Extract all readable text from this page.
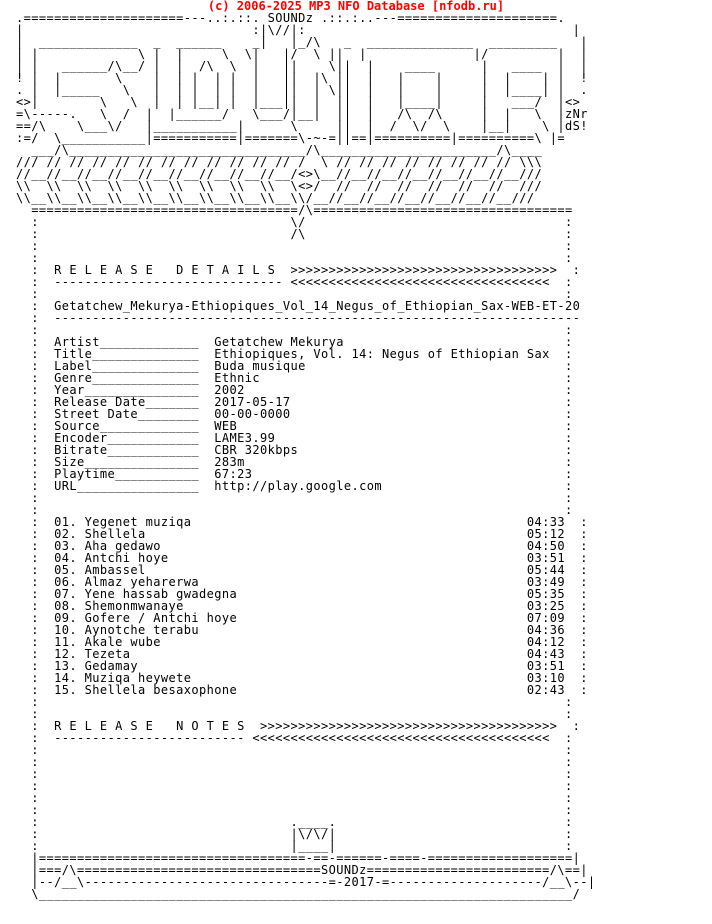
(c) 2006-2025 MP3 NFO Database [nfodb.ru]
.=====================---..:.::. SOUNDz .::.:..---=====================.
|                              :|\//|:                                   |
|  _____________  _  ______    _|   |_/\   _  ______________  _________   |
| |             \ |  |     \  \|   |/  \ ||  |              |/         |  |
| |   ______/\__/ |  |  /\  \  |   ||    \||  |    ____      |   ____  |  |
! |  |       \    |  | |  | |  |   ||  |\ ||  |   |    |     |  |    | |  !
. |  |_____   \   |  | |  | |  |   ||  | \||  |   |    |     |  |____| |  .
<>|        \   \  |  | |__| |  |___||  |  ||  |   |____|     |   ___/  |<>
=\-----.   \  /  |  |______/   \___/|__|  ||  |   /\  /\     |  |   \  |zNr
==/\    \___\/   |___________|      \     ||  |  /  \/  \    |__|    \ |dS!
:=/  \___________|===========|=======\-~-=||==|==========|==========\ |=
___/\_______________________________/\_______________________/\____
/// // // // // // // // // // // // /  \ // // // // // // // // \\\
//__//__//__//__//__//__//__//__//__/<>\__//__//__//__//__//__//__///
\\  \\  \\  \\  \\  \\  \\  \\  \\  \<>/  //  //  //  //  //  //  ///
\\__\\__\\__\\__\\__\\__\\__\\__\\__\\/__//__//__//__//__//__//__///
===================================/\==================================
:                                 \/                                  :
:                                 /\                                  :
:                                                                     :
:                                                                     :
:  R E L E A S E   D E T A I L S  >>>>>>>>>>>>>>>>>>>>>>>>>>>>>>>>>>>  :
:  ------------------------------ <<<<<<<<<<<<<<<<<<<<<<<<<<<<<<<<<<  :
:                                                                     :
:  Getatchew_Mekurya-Ethiopiques_Vol_14_Negus_of_Ethiopian_Sax-WEB-ET-20
:  ---------------------------------------------------------------------
:                                                                     :
:  Artist_____________  Getatchew Mekurya                             :
:  Title______________  Ethiopiques, Vol. 14: Negus of Ethiopian Sax  :
:  Label______________  Buda musique                                  :
:  Genre______________  Ethnic                                        :
:  Year_______________  2002                                          :
:  Release Date_______  2017-05-17                                    :
:  Street Date________  00-00-0000                                    :
:  Source_____________  WEB                                           :
:  Encoder____________  LAME3.99                                      :
:  Bitrate____________  CBR 320kbps                                   :
:  Size_______________  283m                                          :
:  Playtime___________  67:23                                         :
:  URL________________  http://play.google.com                        :
:                                                                     :
:                                                                     :
:  01. Yegenet muziqa                                            04:33  :
:  02. Shellela                                                  05:12  :
:  03. Aha gedawo                                                04:50  :
:  04. Antchi hoye                                               03:51  :
:  05. Ambassel                                                  05:44  :
:  06. Almaz yeharerwa                                           03:49  :
:  07. Yene hassab gwadegna                                      05:35  :
:  08. Shemonmwanaye                                             03:25  :
:  09. Gofere / Antchi hoye                                      07:09  :
:  10. Aynotche terabu                                           04:36  :
:  11. Akale wube                                                04:12  :
:  12. Tezeta                                                    04:43  :
:  13. Gedamay                                                   03:51  :
:  14. Muziqa heywete                                            03:10  :
:  15. Shellela besaxophone                                      02:43  :
:                                                                     :
:                                                                     :
:  R E L E A S E   N O T E S  >>>>>>>>>>>>>>>>>>>>>>>>>>>>>>>>>>>>>>>  :
:  ------------------------- <<<<<<<<<<<<<<<<<<<<<<<<<<<<<<<<<<<<<<<  :
:                                                                     :
:                                                                     :
:                                                                     :
:                                                                     :
:                                                                     :
:                                                                     :
:                                 .____.                              :
:                                 |\/\/|                              :
:                                 |____|                              :
|===================================-==-======-====-===================|
|===/\================================SOUNDz========================/\==|
|--/__\--------------------------------=-2017-=--------------------/__\--|
\______________________________________________________________________/
